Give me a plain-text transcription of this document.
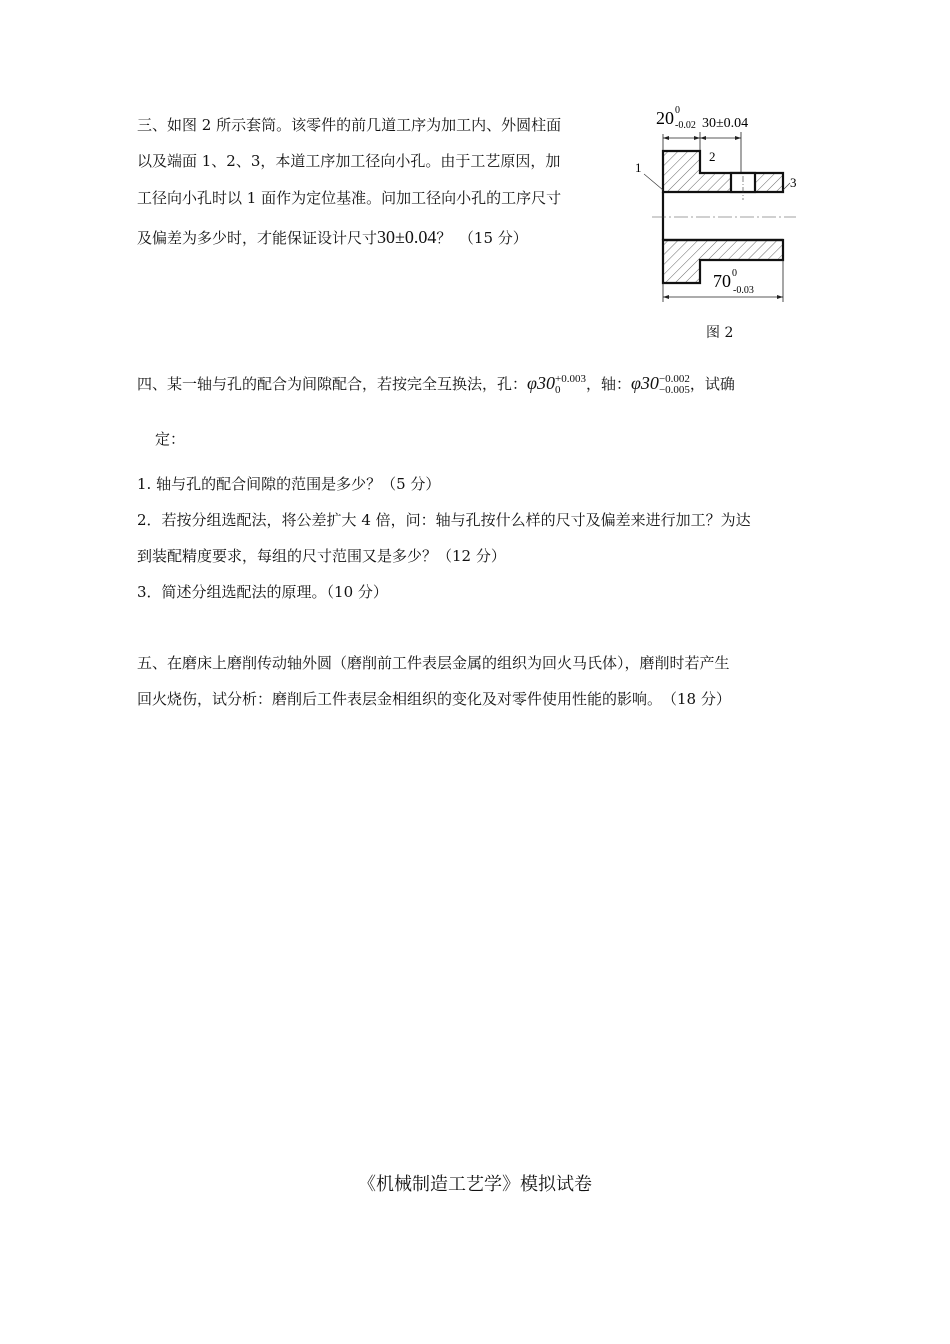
三、如图 2 所示套筒。该零件的前几道工序为加工内、外圆柱面
以及端面 1、2、3，本道工序加工径向小孔。由于工艺原因，加
工径向小孔时以 1 面作为定位基准。问加工径向小孔的工序尺寸
及偏差为多少时，才能保证设计尺寸30±0.04？　（15 分）
20 0
-0.02 30±0.04
70 0
-0.03
1
2
3
图 2
四、某一轴与孔的配合为间隙配合，若按完全互换法，孔：φ30 +0.003
0	，轴：φ30 −0.002
−0.005 ，试确
定：
1. 轴与孔的配合间隙的范围是多少？（5 分）
2．若按分组选配法，将公差扩大 4 倍，问：轴与孔按什么样的尺寸及偏差来进行加工？为达
到装配精度要求，每组的尺寸范围又是多少？（12 分）
3．简述分组选配法的原理。（10 分）
五、在磨床上磨削传动轴外圆（磨削前工件表层金属的组织为回火马氏体），磨削时若产生
回火烧伤，试分析：磨削后工件表层金相组织的变化及对零件使用性能的影响。　（18 分）
《机械制造工艺学》模拟试卷
